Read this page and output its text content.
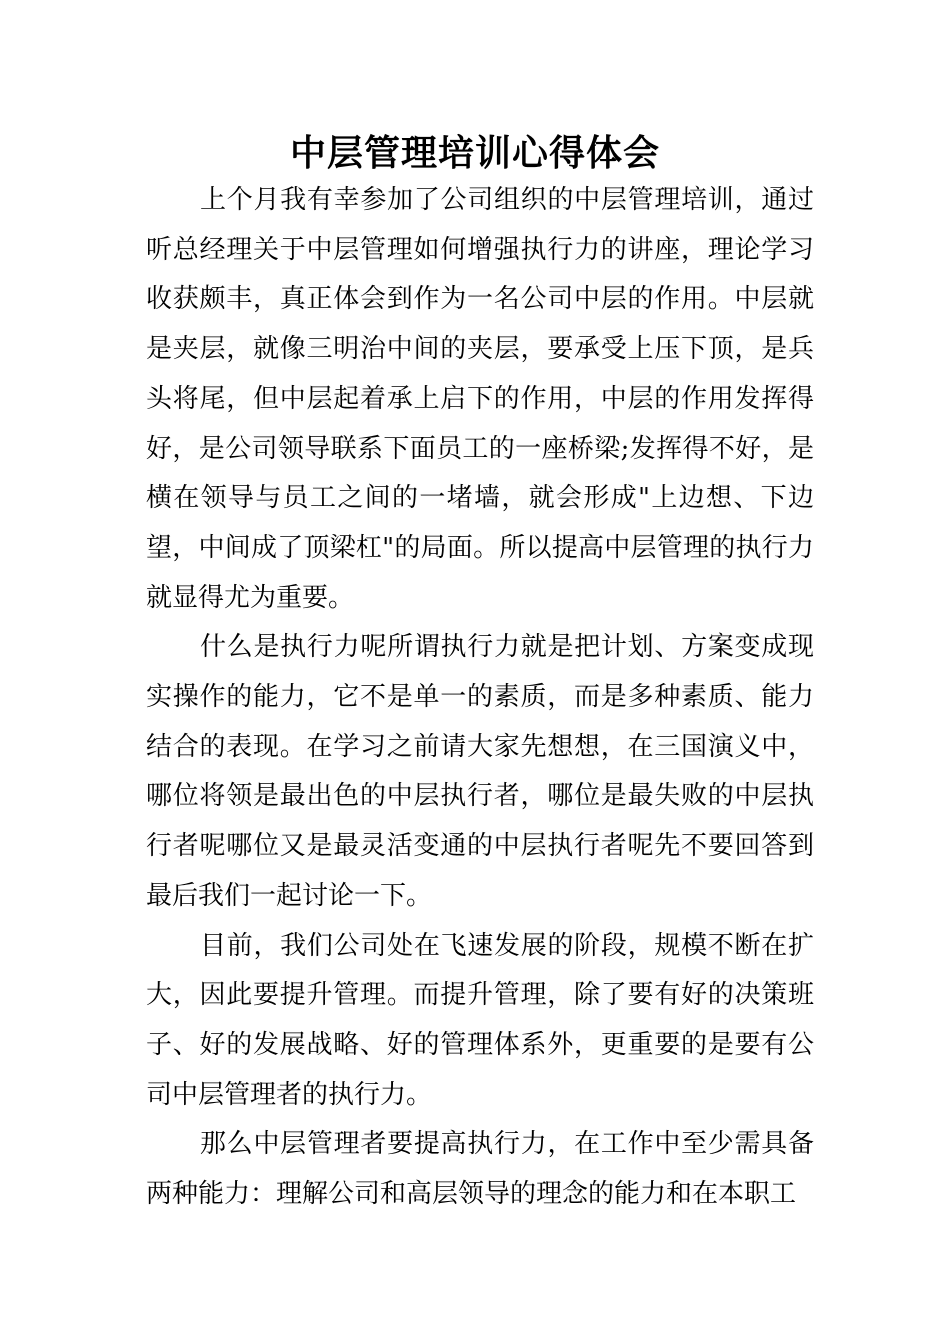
中层管理培训心得体会

上个月我有幸参加了公司组织的中层管理培训，通过听总经理关于中层管理如何增强执行力的讲座，理论学习收获颇丰，真正体会到作为一名公司中层的作用。中层就是夹层，就像三明治中间的夹层，要承受上压下顶，是兵头将尾，但中层起着承上启下的作用，中层的作用发挥得好，是公司领导联系下面员工的一座桥梁;发挥得不好，是横在领导与员工之间的一堵墙，就会形成"上边想、下边望，中间成了顶梁杠"的局面。所以提高中层管理的执行力就显得尤为重要。

什么是执行力呢所谓执行力就是把计划、方案变成现实操作的能力，它不是单一的素质，而是多种素质、能力结合的表现。在学习之前请大家先想想，在三国演义中，哪位将领是最出色的中层执行者，哪位是最失败的中层执行者呢哪位又是最灵活变通的中层执行者呢先不要回答到最后我们一起讨论一下。

目前，我们公司处在飞速发展的阶段，规模不断在扩大，因此要提升管理。而提升管理，除了要有好的决策班子、好的发展战略、好的管理体系外，更重要的是要有公司中层管理者的执行力。

那么中层管理者要提高执行力，在工作中至少需具备两种能力：理解公司和高层领导的理念的能力和在本职工
